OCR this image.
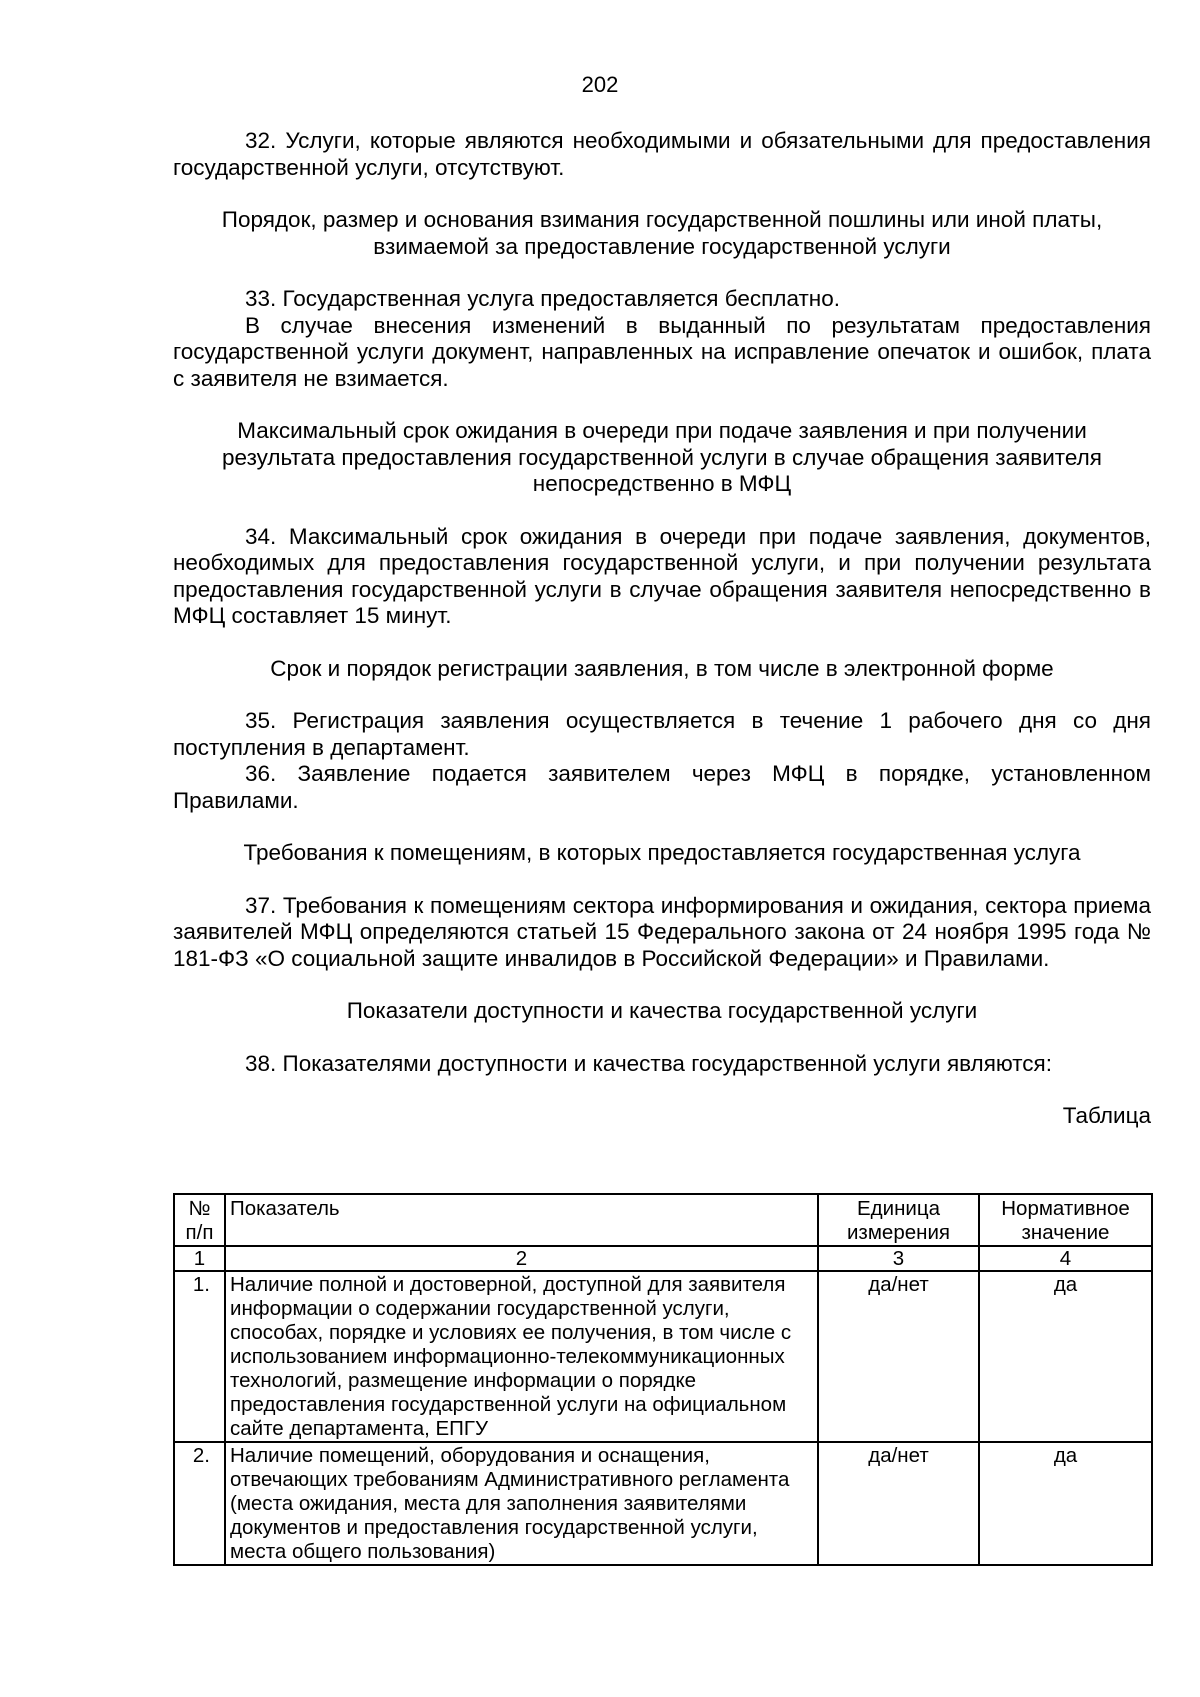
202

32. Услуги, которые являются необходимыми и обязательными для предоставления государственной услуги, отсутствуют.

Порядок, размер и основания взимания государственной пошлины или иной платы, взимаемой за предоставление государственной услуги

33. Государственная услуга предоставляется бесплатно.

В случае внесения изменений в выданный по результатам предоставления государственной услуги документ, направленных на исправление опечаток и ошибок, плата с заявителя не взимается.

Максимальный срок ожидания в очереди при подаче заявления и при получении результата предоставления государственной услуги в случае обращения заявителя непосредственно в МФЦ

34. Максимальный срок ожидания в очереди при подаче заявления, документов, необходимых для предоставления государственной услуги, и при получении результата предоставления государственной услуги в случае обращения заявителя непосредственно в МФЦ составляет 15 минут.

Срок и порядок регистрации заявления, в том числе в электронной форме

35. Регистрация заявления осуществляется в течение 1 рабочего дня со дня поступления в департамент.

36. Заявление подается заявителем через МФЦ в порядке, установленном Правилами.

Требования к помещениям, в которых предоставляется государственная услуга

37. Требования к помещениям сектора информирования и ожидания, сектора приема заявителей МФЦ определяются статьей 15 Федерального закона от 24 ноября 1995 года № 181-ФЗ «О социальной защите инвалидов в Российской Федерации» и Правилами.

Показатели доступности и качества государственной услуги

38. Показателями доступности и качества государственной услуги являются:

Таблица

№ п/п	Показатель	Единица измерения	Нормативное значение
1	2	3	4
1.	Наличие полной и достоверной, доступной для заявителя информации о содержании государственной услуги, способах, порядке и условиях ее получения, в том числе с использованием информационно-телекоммуникационных технологий, размещение информации о порядке предоставления государственной услуги на официальном сайте департамента, ЕПГУ	да/нет	да
2.	Наличие помещений, оборудования и оснащения, отвечающих требованиям Административного регламента (места ожидания, места для заполнения заявителями документов и предоставления государственной услуги, места общего пользования)	да/нет	да
